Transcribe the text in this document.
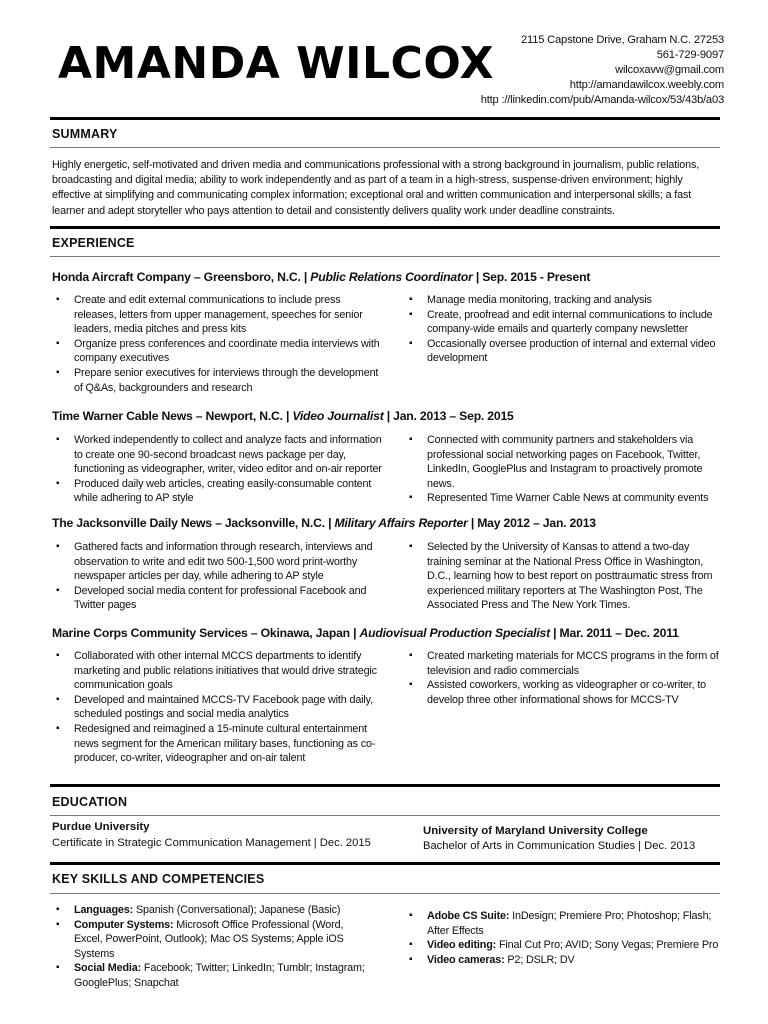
AMANDA WILCOX	2115 Capstone Drive, Graham N.C. 27253
561-729-9097
wilcoxavw@gmail.com
http://amandawilcox.weebly.com
http ://linkedin.com/pub/Amanda-wilcox/53/43b/a03
SUMMARY
Highly energetic, self-motivated and driven media and communications professional with a strong background in journalism, public relations, broadcasting and digital media; ability to work independently and as part of a team in a high-stress, suspense-driven environment; highly effective at simplifying and communicating complex information; exceptional oral and written communication and interpersonal skills; a fast learner and adept storyteller who pays attention to detail and consistently delivers quality work under deadline constraints.
EXPERIENCE
Honda Aircraft Company – Greensboro, N.C. | Public Relations Coordinator | Sep. 2015 - Present
▪ Create and edit external communications to include press releases, letters from upper management, speeches for senior leaders, media pitches and press kits
▪ Organize press conferences and coordinate media interviews with company executives
▪ Prepare senior executives for interviews through the development of Q&As, backgrounders and research
▪ Manage media monitoring, tracking and analysis
▪ Create, proofread and edit internal communications to include company-wide emails and quarterly company newsletter
▪ Occasionally oversee production of internal and external video development
Time Warner Cable News – Newport, N.C. | Video Journalist | Jan. 2013 – Sep. 2015
▪ Worked independently to collect and analyze facts and information to create one 90-second broadcast news package per day, functioning as videographer, writer, video editor and on-air reporter
▪ Produced daily web articles, creating easily-consumable content while adhering to AP style
▪ Connected with community partners and stakeholders via professional social networking pages on Facebook, Twitter, LinkedIn, GooglePlus and Instagram to proactively promote news.
▪ Represented Time Warner Cable News at community events
The Jacksonville Daily News – Jacksonville, N.C. | Military Affairs Reporter | May 2012 – Jan. 2013
▪ Gathered facts and information through research, interviews and observation to write and edit two 500-1,500 word print-worthy newspaper articles per day, while adhering to AP style
▪ Developed social media content for professional Facebook and Twitter pages
▪ Selected by the University of Kansas to attend a two-day training seminar at the National Press Office in Washington, D.C., learning how to best report on posttraumatic stress from experienced military reporters at The Washington Post, The Associated Press and The New York Times.
Marine Corps Community Services – Okinawa, Japan | Audiovisual Production Specialist | Mar. 2011 – Dec. 2011
▪ Collaborated with other internal MCCS departments to identify marketing and public relations initiatives that would drive strategic communication goals
▪ Developed and maintained MCCS-TV Facebook page with daily, scheduled postings and social media analytics
▪ Redesigned and reimagined a 15-minute cultural entertainment news segment for the American military bases, functioning as co-producer, co-writer, videographer and on-air talent
▪ Created marketing materials for MCCS programs in the form of television and radio commercials
▪ Assisted coworkers, working as videographer or co-writer, to develop three other informational shows for MCCS-TV
EDUCATION
Purdue University
Certificate in Strategic Communication Management | Dec. 2015
University of Maryland University College
Bachelor of Arts in Communication Studies | Dec. 2013
KEY SKILLS AND COMPETENCIES
▪ Languages: Spanish (Conversational); Japanese (Basic)
▪ Computer Systems: Microsoft Office Professional (Word, Excel, PowerPoint, Outlook); Mac OS Systems; Apple iOS Systems
▪ Social Media: Facebook; Twitter; LinkedIn; Tumblr; Instagram; GooglePlus; Snapchat
▪ Adobe CS Suite: InDesign; Premiere Pro; Photoshop; Flash; After Effects
▪ Video editing: Final Cut Pro; AVID; Sony Vegas; Premiere Pro
▪ Video cameras: P2; DSLR; DV
